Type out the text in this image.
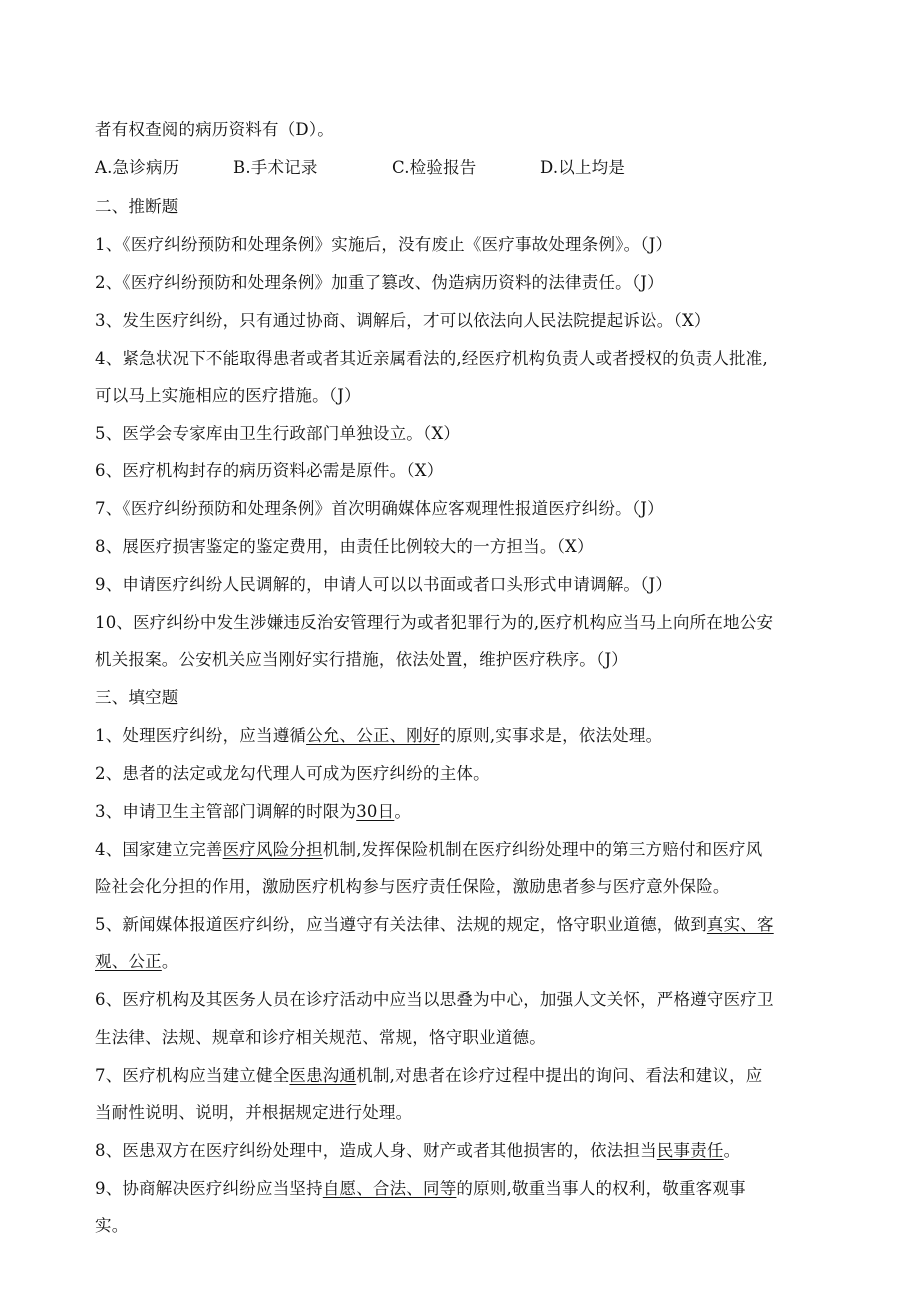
者有权查阅的病历资料有（D）。
A.急诊病历	B.手术记录	C.检验报告	D.以上均是
二、推断题
1、《医疗纠纷预防和处理条例》实施后，没有废止《医疗事故处理条例》。（J）
2、《医疗纠纷预防和处理条例》加重了篡改、伪造病历资料的法律责任。（J）
3、发生医疗纠纷，只有通过协商、调解后，才可以依法向人民法院提起诉讼。（X）
4、紧急状况下不能取得患者或者其近亲属看法的,经医疗机构负责人或者授权的负责人批准,
可以马上实施相应的医疗措施。（J）
5、医学会专家库由卫生行政部门单独设立。（X）
6、医疗机构封存的病历资料必需是原件。（X）
7、《医疗纠纷预防和处理条例》首次明确媒体应客观理性报道医疗纠纷。（J）
8、展医疗损害鉴定的鉴定费用，由责任比例较大的一方担当。（X）
9、申请医疗纠纷人民调解的，申请人可以以书面或者口头形式申请调解。（J）
10、医疗纠纷中发生涉嫌违反治安管理行为或者犯罪行为的,医疗机构应当马上向所在地公安
机关报案。公安机关应当刚好实行措施，依法处置，维护医疗秩序。（J）
三、填空题
1、处理医疗纠纷，应当遵循公允、公正、刚好的原则,实事求是，依法处理。
2、患者的法定或龙勾代理人可成为医疗纠纷的主体。
3、申请卫生主管部门调解的时限为30日。
4、国家建立完善医疗风险分担机制,发挥保险机制在医疗纠纷处理中的第三方赔付和医疗风
险社会化分担的作用，激励医疗机构参与医疗责任保险，激励患者参与医疗意外保险。
5、新闻媒体报道医疗纠纷，应当遵守有关法律、法规的规定，恪守职业道德，做到真实、客
观、公正。
6、医疗机构及其医务人员在诊疗活动中应当以思叠为中心，加强人文关怀，严格遵守医疗卫
生法律、法规、规章和诊疗相关规范、常规，恪守职业道德。
7、医疗机构应当建立健全医患沟通机制,对患者在诊疗过程中提出的询问、看法和建议，应
当耐性说明、说明，并根据规定进行处理。
8、医患双方在医疗纠纷处理中，造成人身、财产或者其他损害的，依法担当民事责任。
9、协商解决医疗纠纷应当坚持自愿、合法、同等的原则,敬重当事人的权利，敬重客观事
实。
